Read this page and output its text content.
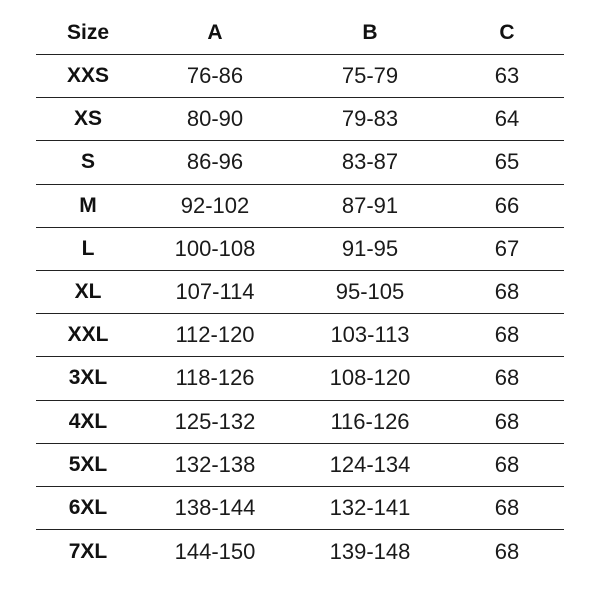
Size	A	B	C
XXS	76-86	75-79	63
XS	80-90	79-83	64
S	86-96	83-87	65
M	92-102	87-91	66
L	100-108	91-95	67
XL	107-114	95-105	68
XXL	112-120	103-113	68
3XL	118-126	108-120	68
4XL	125-132	116-126	68
5XL	132-138	124-134	68
6XL	138-144	132-141	68
7XL	144-150	139-148	68
